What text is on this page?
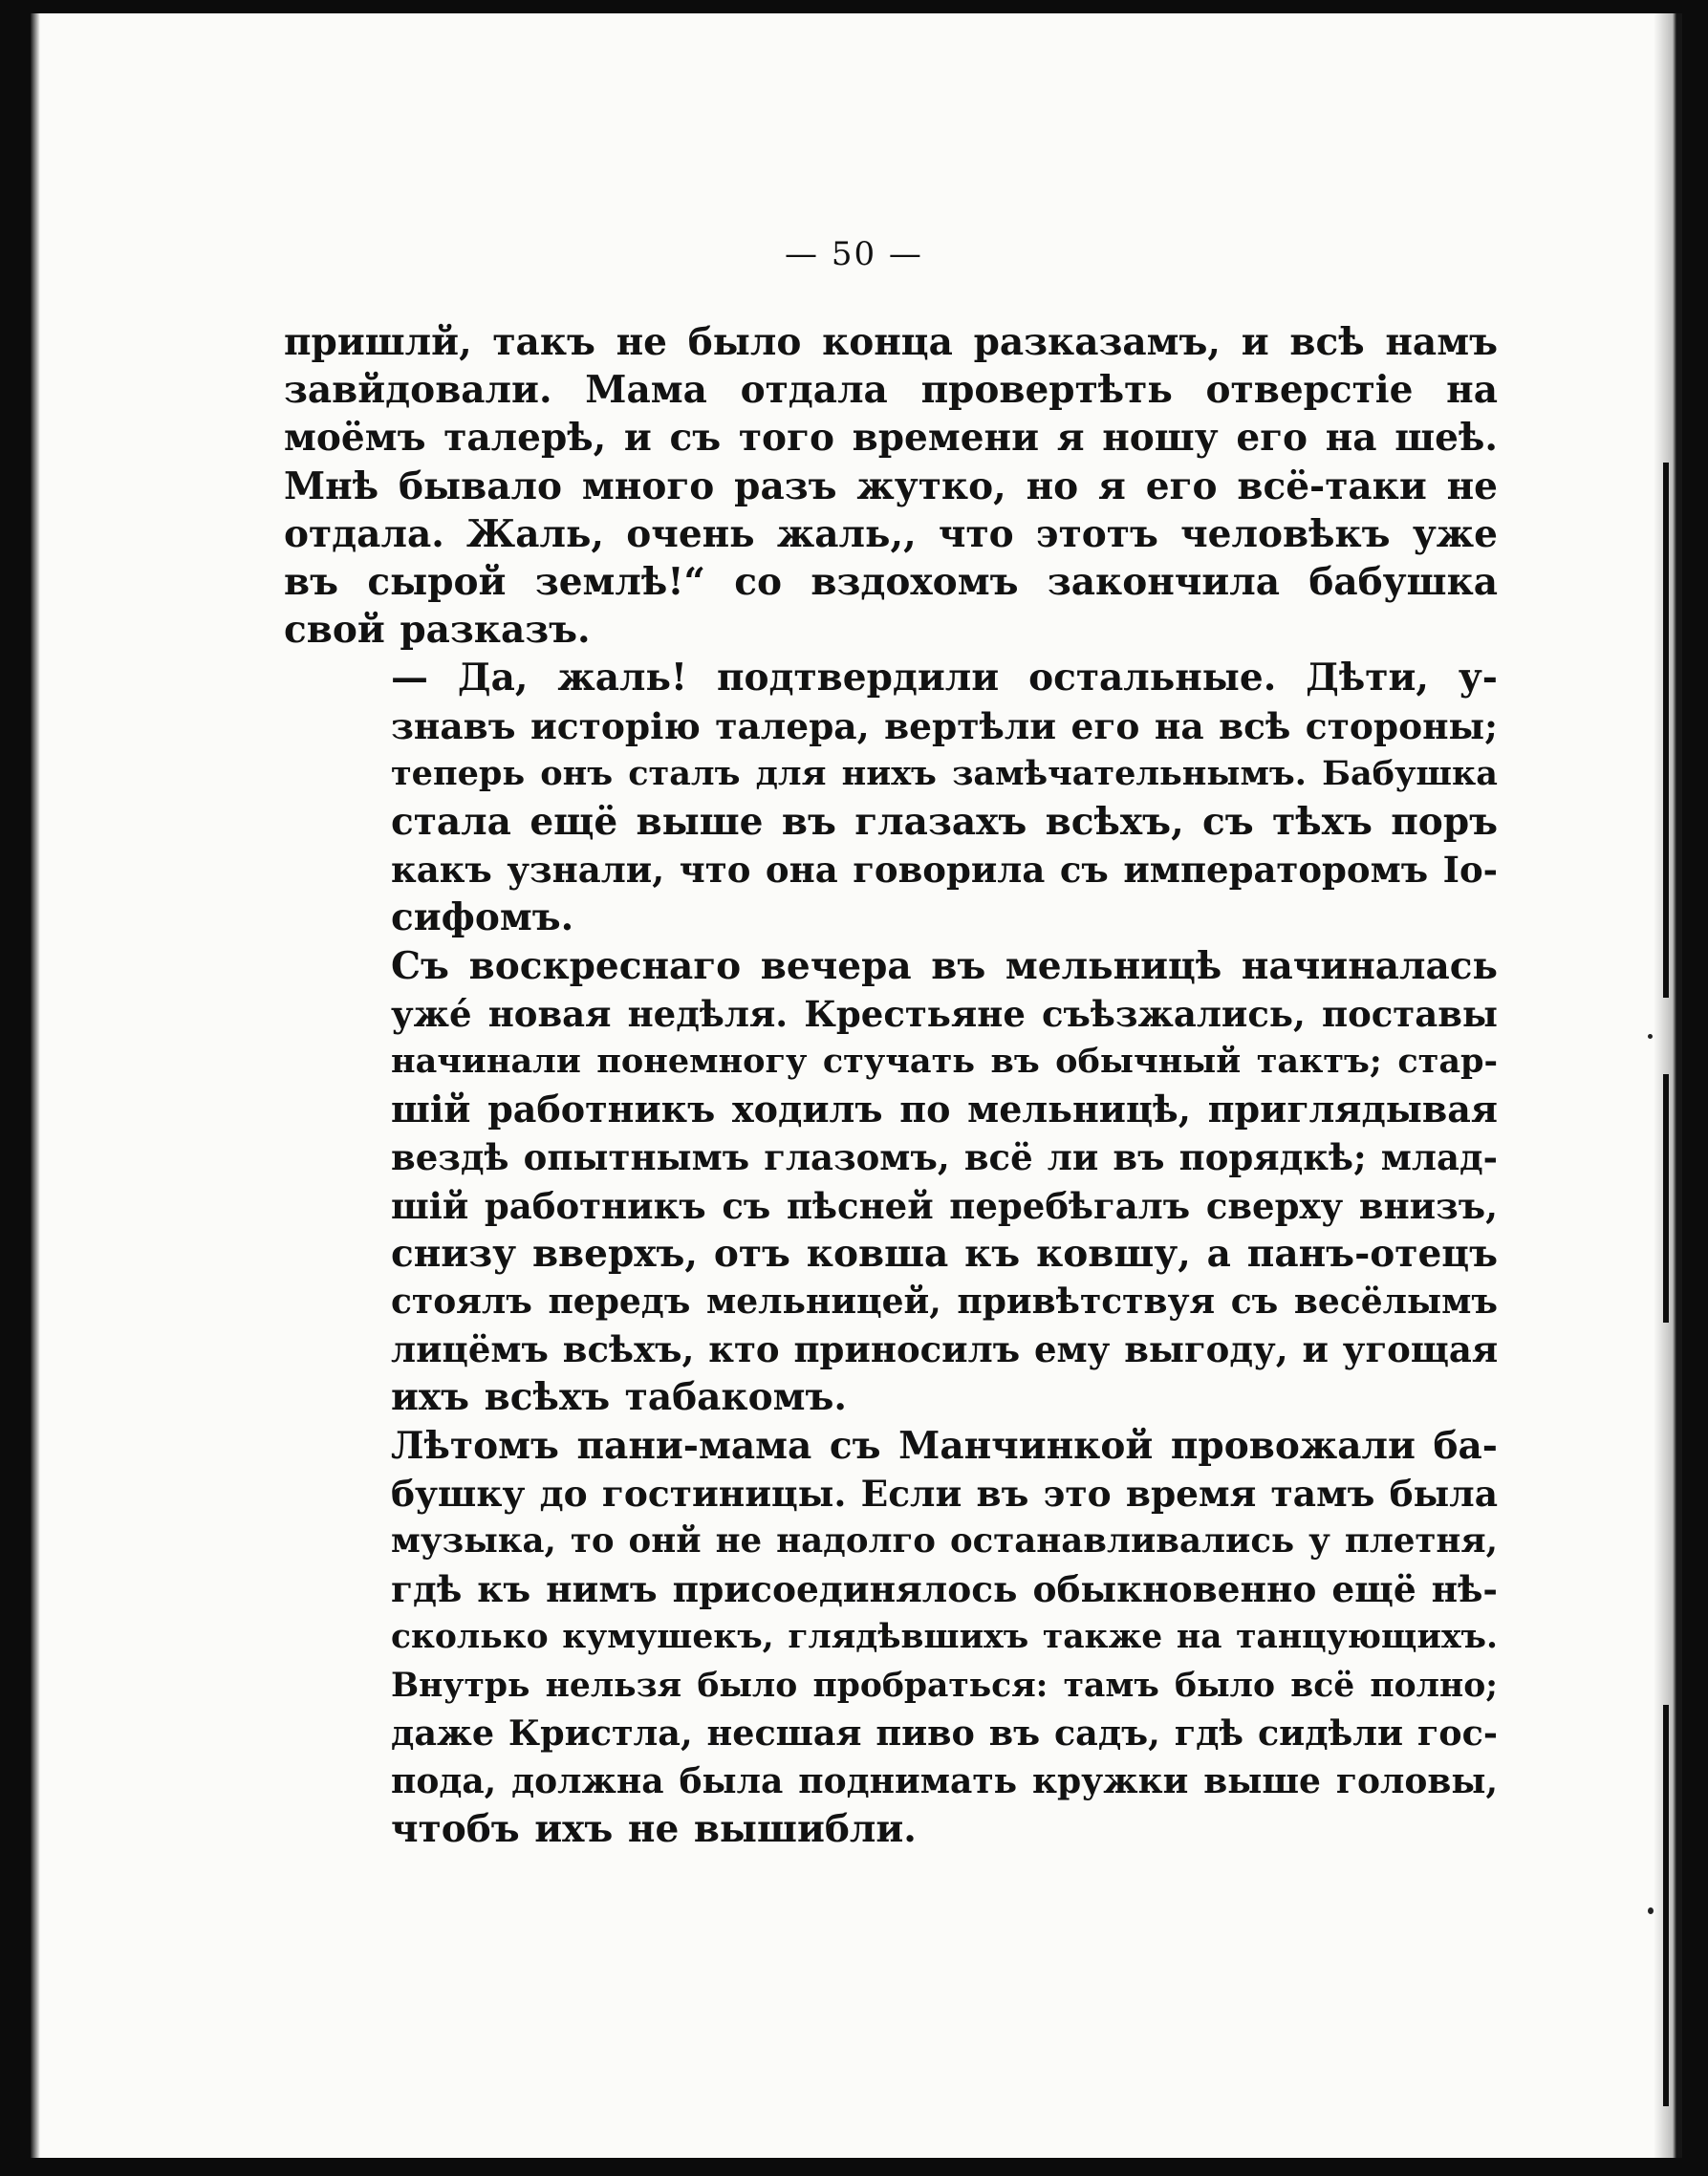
— 50 —

пришлй, такъ не было конца разказамъ, и всѣ намъ
завйдовали. Мама отдала провертѣть отверстіе на
моёмъ талерѣ, и съ того времени я ношу его на шеѣ.
Мнѣ бывало много разъ жутко, но я его всё-таки не
отдала. Жаль, очень жаль,, что этотъ человѣкъ уже
въ сырой землѣ!“ со вздохомъ закончила бабушка
свой разказъ.

— Да, жаль! подтвердили остальные. Дѣти, у-
знавъ исторію талера, вертѣли его на всѣ стороны;
теперь онъ сталъ для нихъ замѣчательнымъ. Бабушка
стала ещё выше въ глазахъ всѣхъ, съ тѣхъ поръ
какъ узнали, что она говорила съ императоромъ Іо-
сифомъ.

Съ воскреснаго вечера въ мельницѣ начиналась
ужé новая недѣля. Крестьяне съѣзжались, поставы
начинали понемногу стучать въ обычный тактъ; стар-
шій работникъ ходилъ по мельницѣ, приглядывая
вездѣ опытнымъ глазомъ, всё ли въ порядкѣ; млад-
шій работникъ съ пѣсней перебѣгалъ сверху внизъ,
снизу вверхъ, отъ ковша къ ковшу, а панъ-отецъ
стоялъ передъ мельницей, привѣтствуя съ весёлымъ
лицёмъ всѣхъ, кто приносилъ ему выгоду, и угощая
ихъ всѣхъ табакомъ.

Лѣтомъ пани-мама съ Манчинкой провожали ба-
бушку до гостиницы. Если въ это время тамъ была
музыка, то онй не надолго останавливались у плетня,
гдѣ къ нимъ присоединялось обыкновенно ещё нѣ-
сколько кумушекъ, глядѣвшихъ также на танцующихъ.
Внутрь нельзя было пробраться: тамъ было всё полно;
даже Кристла, несшая пиво въ садъ, гдѣ сидѣли гос-
пода, должна была поднимать кружки выше головы,
чтобъ ихъ не вышибли.
